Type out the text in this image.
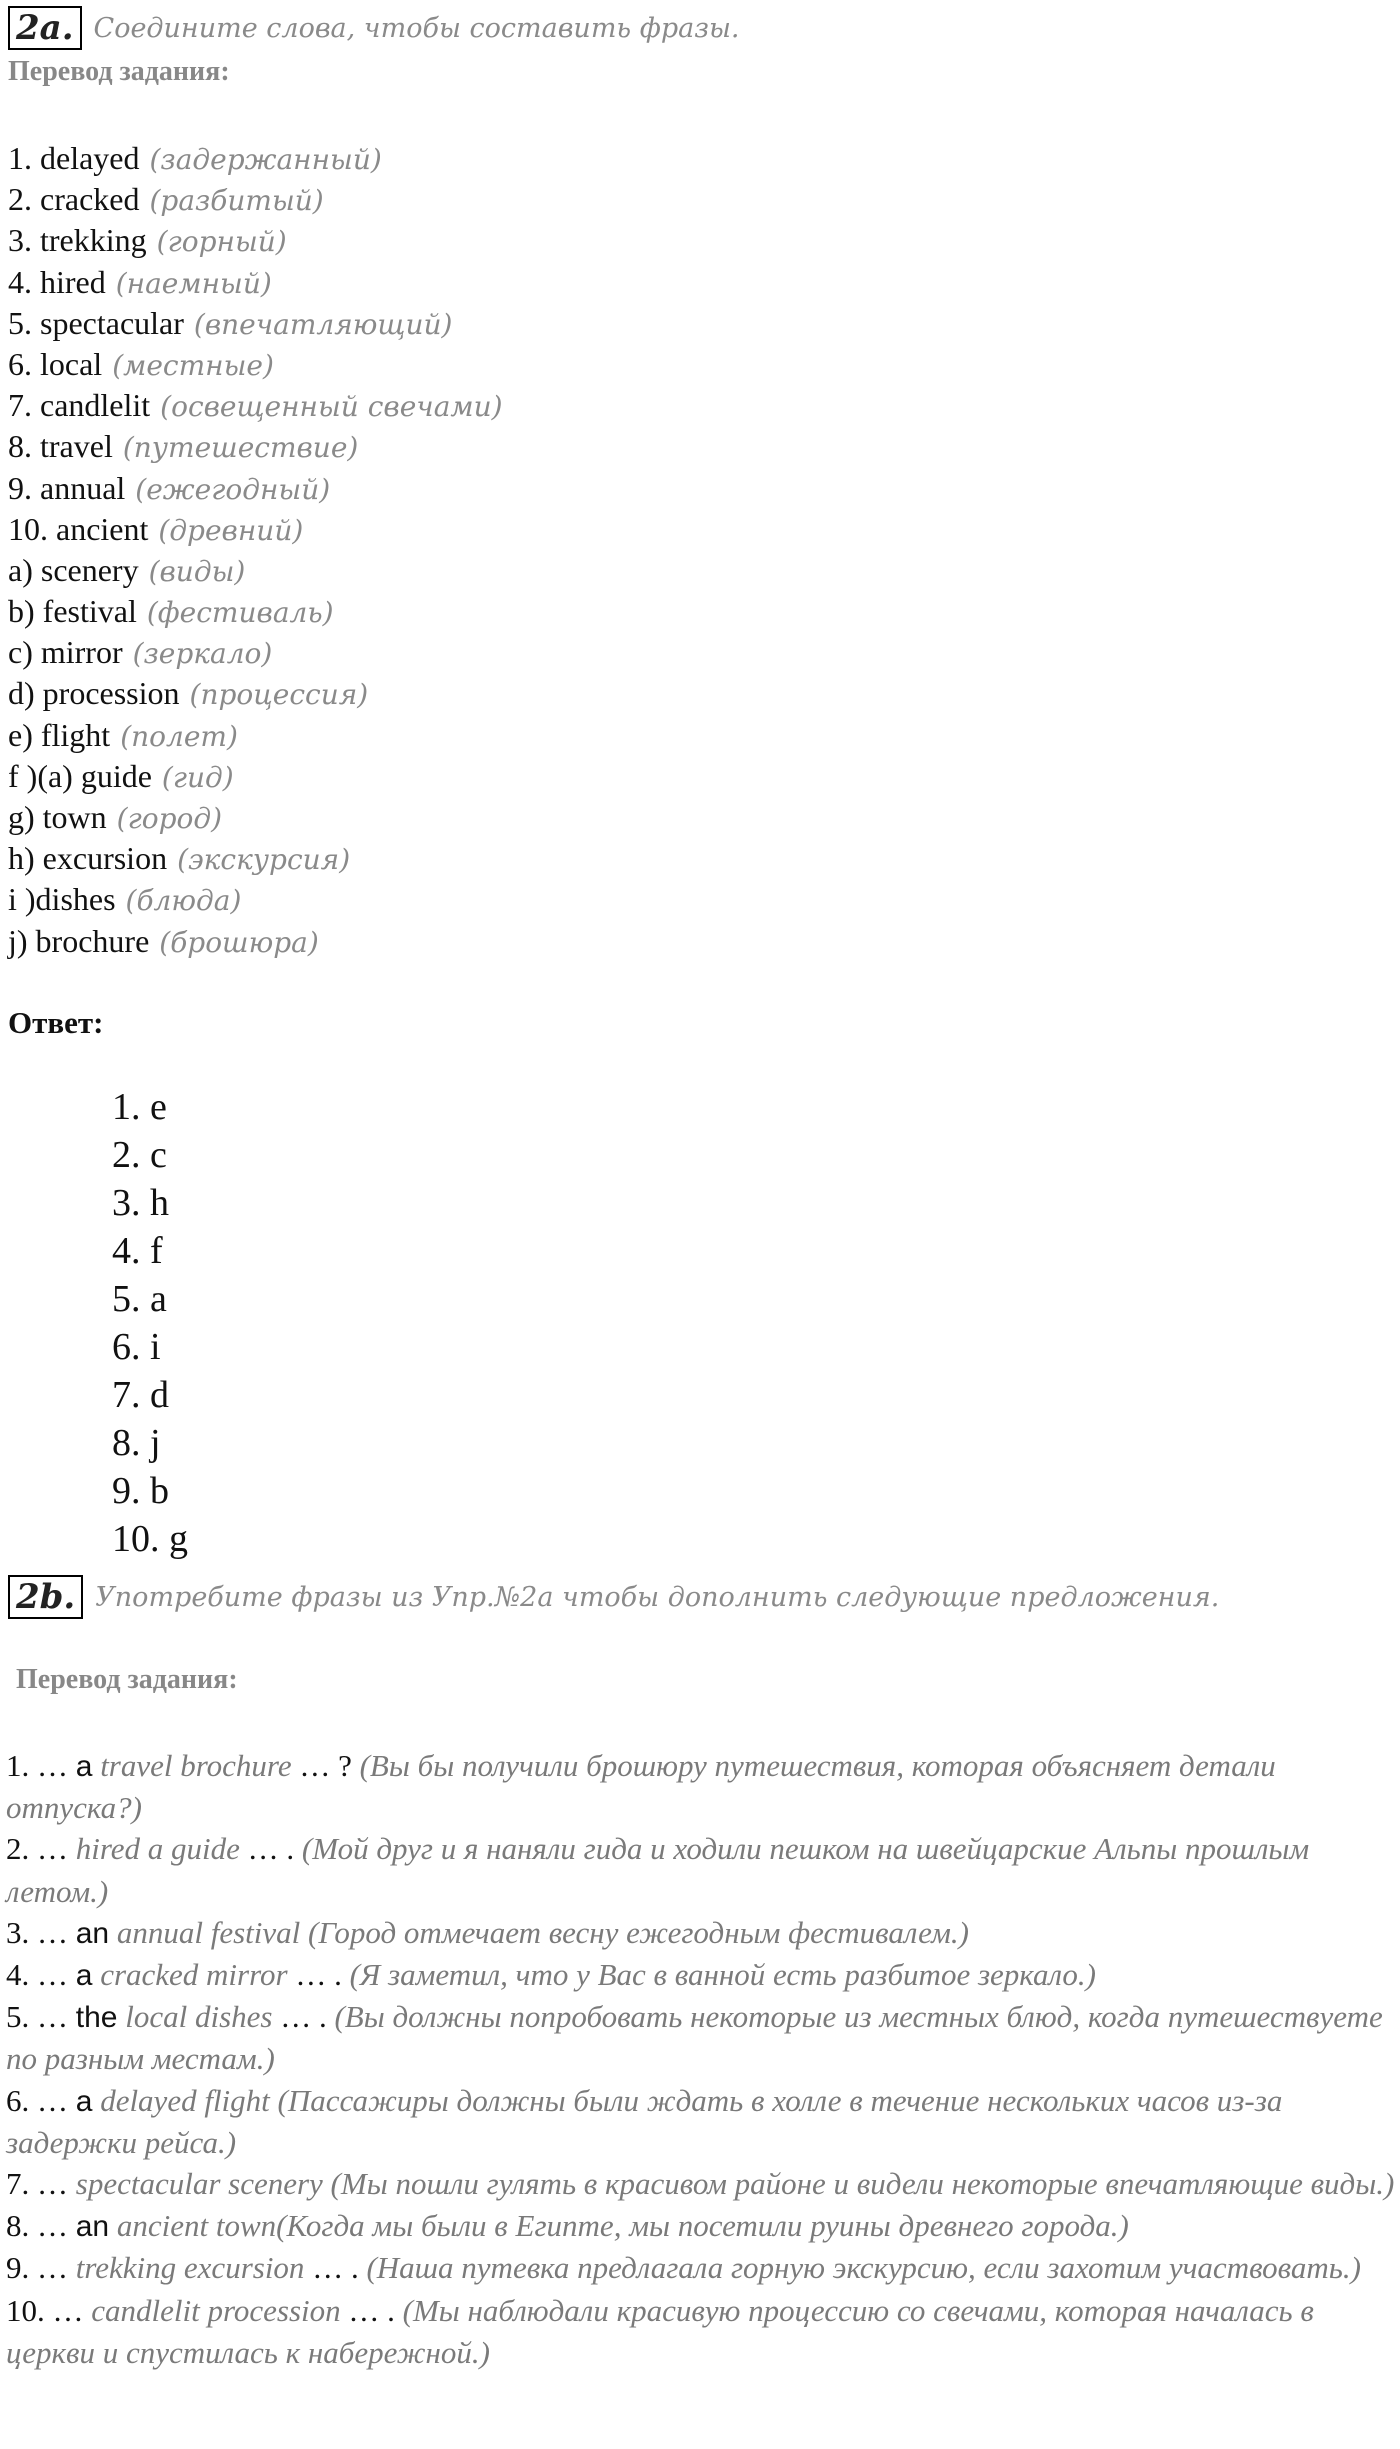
2a. Соедините слова, чтобы составить фразы.
Перевод задания:
1. delayed (задержанный)
2. cracked (разбитый)
3. trekking (горный)
4. hired (наемный)
5. spectacular (впечатляющий)
6. local (местные)
7. candlelit (освещенный свечами)
8. travel (путешествие)
9. annual (ежегодный)
10. ancient (древний)
a) scenery (виды)
b) festival (фестиваль)
c) mirror (зеркало)
d) procession (процессия)
e) flight (полет)
f )(a) guide (гид)
g) town (город)
h) excursion (экскурсия)
i )dishes (блюда)
j) brochure (брошюра)
Ответ:
1. e
2. c
3. h
4. f
5. a
6. i
7. d
8. j
9. b
10. g
2b. Употребите фразы из Упр.№2a чтобы дополнить следующие предложения.
Перевод задания:
1. … a travel brochure … ? (Вы бы получили брошюру путешествия, которая объясняет детали отпуска?)
2. … hired a guide … . (Мой друг и я наняли гида и ходили пешком на швейцарские Альпы прошлым летом.)
3. … an annual festival (Город отмечает весну ежегодным фестивалем.)
4. … a cracked mirror … . (Я заметил, что у Вас в ванной есть разбитое зеркало.)
5. … the local dishes … . (Вы должны попробовать некоторые из местных блюд, когда путешествуете по разным местам.)
6. … a delayed flight (Пассажиры должны были ждать в холле в течение нескольких часов из-за задержки рейса.)
7. … spectacular scenery (Мы пошли гулять в красивом районе и видели некоторые впечатляющие виды.)
8. … an ancient town(Когда мы были в Египте, мы посетили руины древнего города.)
9. … trekking excursion … . (Наша путевка предлагала горную экскурсию, если захотим участвовать.)
10. … candlelit procession … . (Мы наблюдали красивую процессию со свечами, которая началась в церкви и спустилась к набережной.)
